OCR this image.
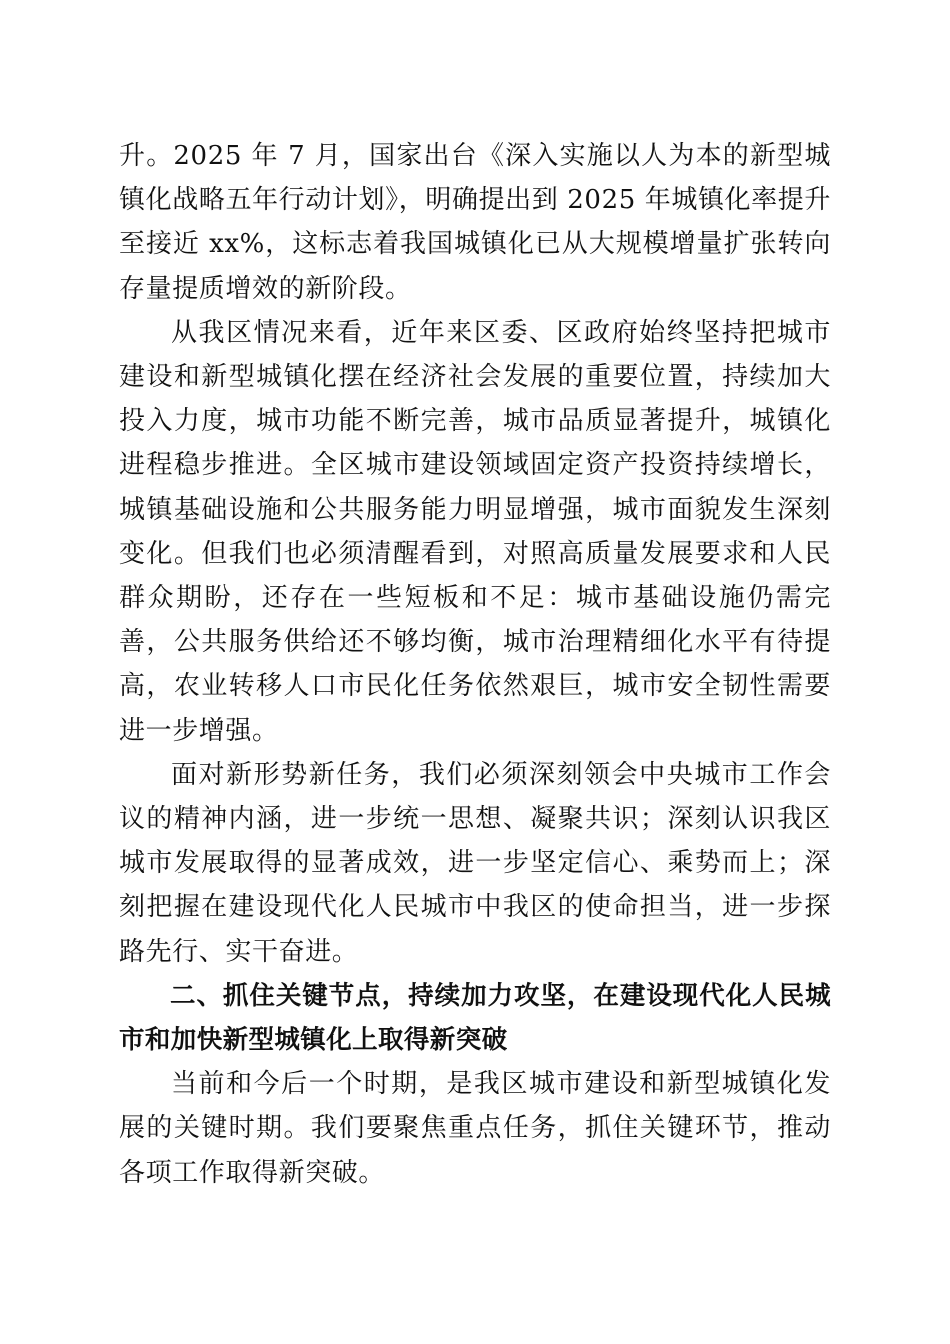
升。2025 年 7 月，国家出台《深入实施以人为本的新型城镇化战略五年行动计划》，明确提出到 2025 年城镇化率提升至接近 xx%，这标志着我国城镇化已从大规模增量扩张转向存量提质增效的新阶段。

从我区情况来看，近年来区委、区政府始终坚持把城市建设和新型城镇化摆在经济社会发展的重要位置，持续加大投入力度，城市功能不断完善，城市品质显著提升，城镇化进程稳步推进。全区城市建设领域固定资产投资持续增长，城镇基础设施和公共服务能力明显增强，城市面貌发生深刻变化。但我们也必须清醒看到，对照高质量发展要求和人民群众期盼，还存在一些短板和不足：城市基础设施仍需完善，公共服务供给还不够均衡，城市治理精细化水平有待提高，农业转移人口市民化任务依然艰巨，城市安全韧性需要进一步增强。

面对新形势新任务，我们必须深刻领会中央城市工作会议的精神内涵，进一步统一思想、凝聚共识；深刻认识我区城市发展取得的显著成效，进一步坚定信心、乘势而上；深刻把握在建设现代化人民城市中我区的使命担当，进一步探路先行、实干奋进。

二、抓住关键节点，持续加力攻坚，在建设现代化人民城市和加快新型城镇化上取得新突破

当前和今后一个时期，是我区城市建设和新型城镇化发展的关键时期。我们要聚焦重点任务，抓住关键环节，推动各项工作取得新突破。
